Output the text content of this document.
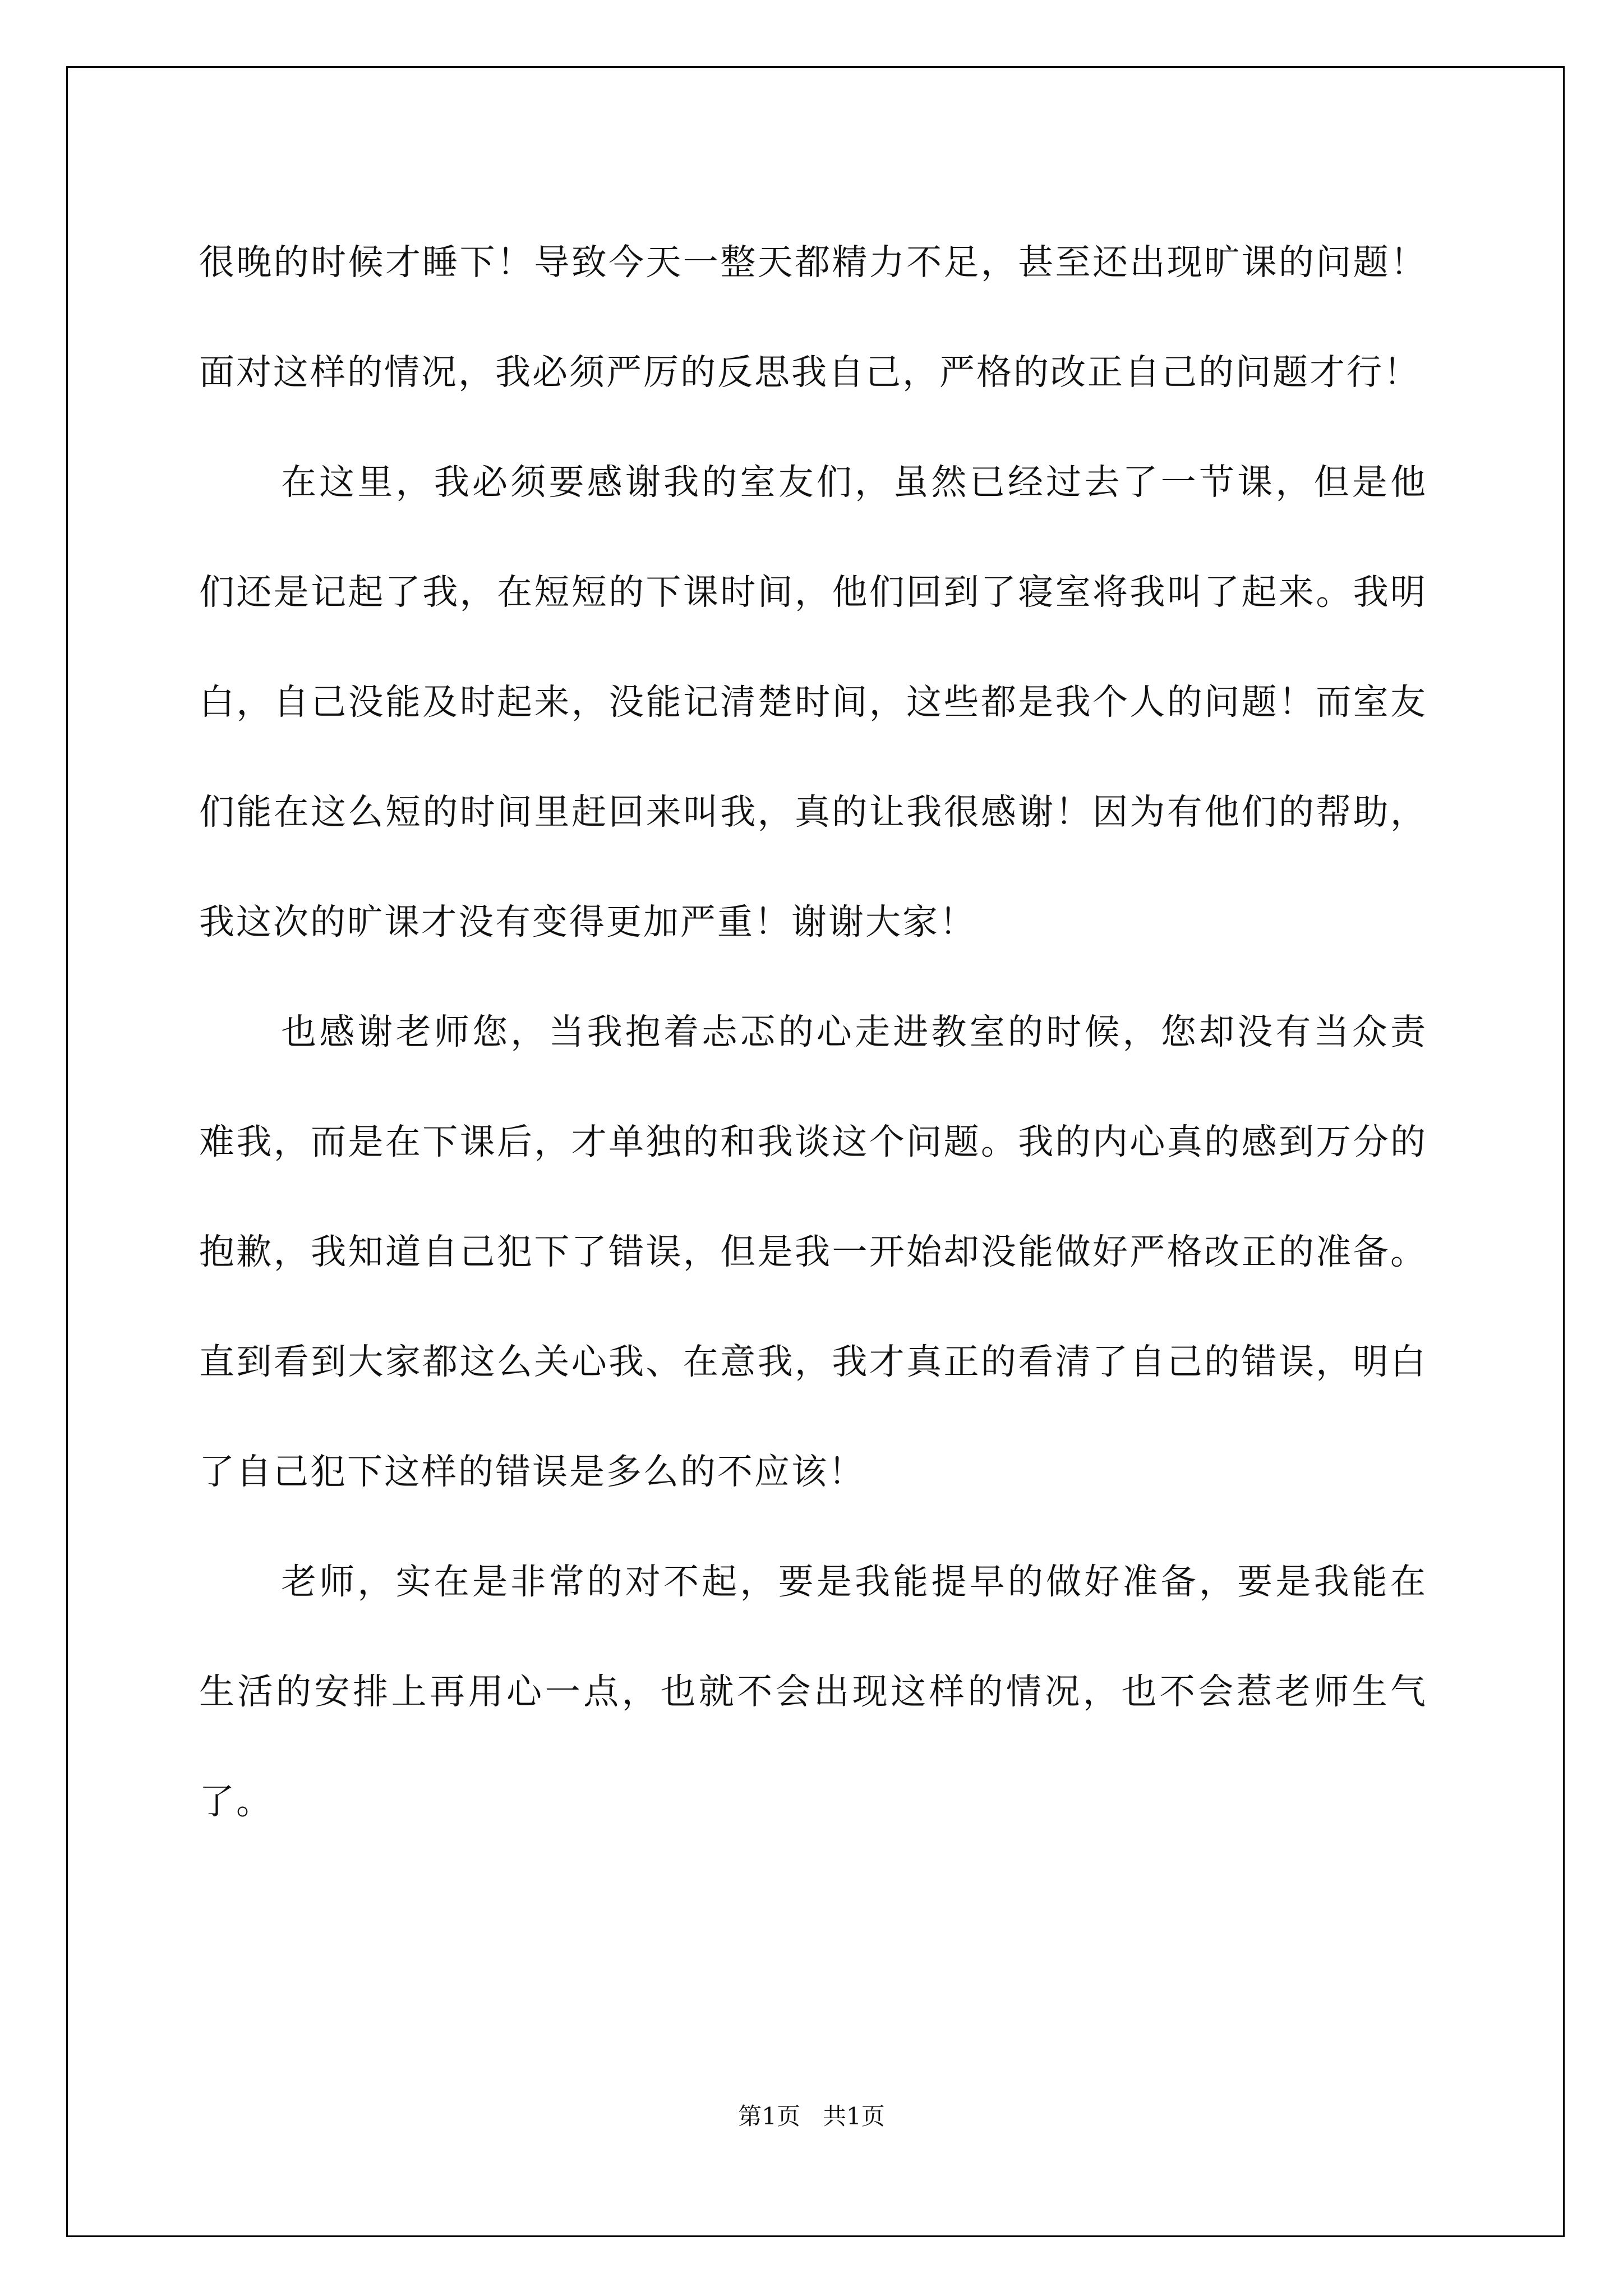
很晚的时候才睡下！导致今天一整天都精力不足，甚至还出现旷课的问题！面对这样的情况，我必须严厉的反思我自己，严格的改正自己的问题才行！

在这里，我必须要感谢我的室友们，虽然已经过去了一节课，但是他们还是记起了我，在短短的下课时间，他们回到了寝室将我叫了起来。我明白，自己没能及时起来，没能记清楚时间，这些都是我个人的问题！而室友们能在这么短的时间里赶回来叫我，真的让我很感谢！因为有他们的帮助，我这次的旷课才没有变得更加严重！谢谢大家！

也感谢老师您，当我抱着忐忑的心走进教室的时候，您却没有当众责难我，而是在下课后，才单独的和我谈这个问题。我的内心真的感到万分的抱歉，我知道自己犯下了错误，但是我一开始却没能做好严格改正的准备。直到看到大家都这么关心我、在意我，我才真正的看清了自己的错误，明白了自己犯下这样的错误是多么的不应该！

老师，实在是非常的对不起，要是我能提早的做好准备，要是我能在生活的安排上再用心一点，也就不会出现这样的情况，也不会惹老师生气了。

第1页   共1页
